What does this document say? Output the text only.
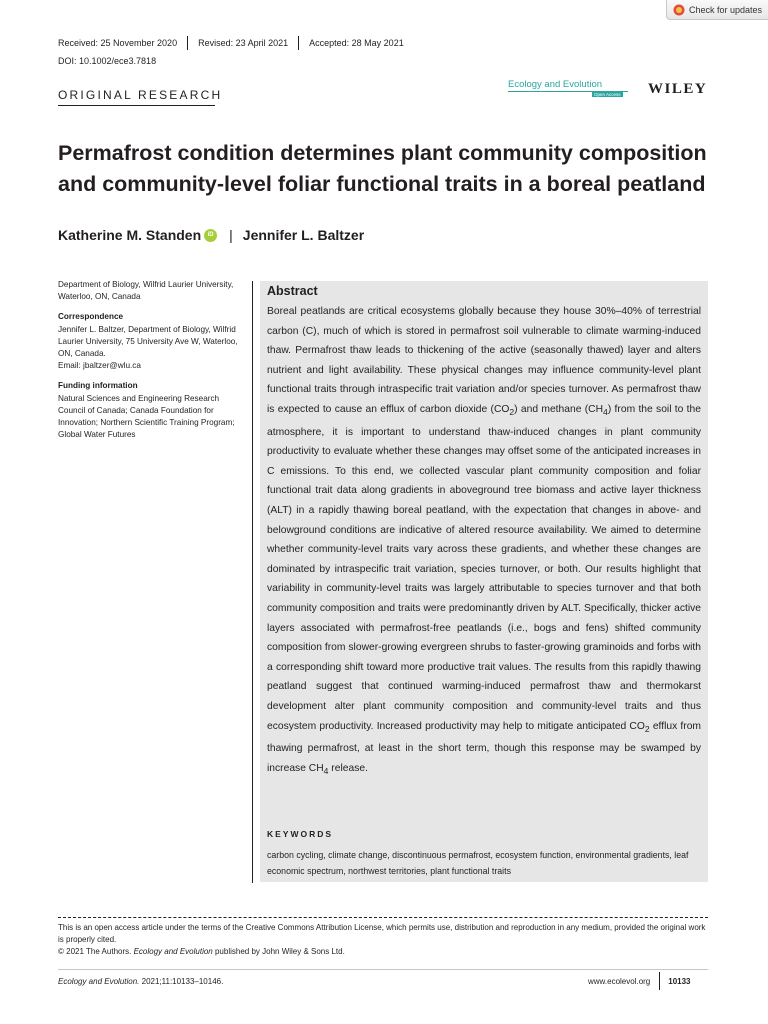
Check for updates
Received: 25 November 2020 Revised: 23 April 2021 Accepted: 28 May 2021
DOI: 10.1002/ece3.7818
ORIGINAL RESEARCH
Ecology and Evolution
Open Access WILEY
Permafrost condition determines plant community composition and community-level foliar functional traits in a boreal peatland
Katherine M. Standen	iD | Jennifer L. Baltzer
Department of Biology, Wilfrid Laurier University, Waterloo, ON, Canada
Correspondence
Jennifer L. Baltzer, Department of Biology, Wilfrid Laurier University, 75 University Ave W, Waterloo, ON, Canada.
Email: jbaltzer@wlu.ca
Funding information
Natural Sciences and Engineering Research Council of Canada; Canada Foundation for Innovation; Northern Scientific Training Program; Global Water Futures
Abstract

Boreal peatlands are critical ecosystems globally because they house 30%–40% of terrestrial carbon (C), much of which is stored in permafrost soil vulnerable to climate warming-induced thaw. Permafrost thaw leads to thickening of the active (seasonally thawed) layer and alters nutrient and light availability. These physical changes may influence community-level plant functional traits through intraspecific trait variation and/or species turnover. As permafrost thaw is expected to cause an efflux of carbon dioxide $(CO_2)$ and methane $(CH_4)$ from the soil to the atmosphere, it is important to understand thaw-induced changes in plant community productivity to evaluate whether these changes may offset some of the anticipated increases in C emissions. To this end, we collected vascular plant community composition and foliar functional trait data along gradients in aboveground tree biomass and active layer thickness (ALT) in a rapidly thawing boreal peatland, with the expectation that changes in above- and belowground conditions are indicative of altered resource availability. We aimed to determine whether community-level traits vary across these gradients, and whether these changes are dominated by intraspecific trait variation, species turnover, or both. Our results highlight that variability in community-level traits was largely attributable to species turnover and that both community composition and traits were predominantly driven by ALT. Specifically, thicker active layers associated with permafrost-free peatlands (i.e., bogs and fens) shifted community composition from slower-growing evergreen shrubs to faster-growing graminoids and forbs with a corresponding shift toward more productive trait values. The results from this rapidly thawing peatland suggest that continued warming-induced permafrost thaw and thermokarst development alter plant community composition and community-level traits and thus ecosystem productivity. Increased productivity may help to mitigate anticipated $CO_2$ efflux from thawing permafrost, at least in the short term, though this response may be swamped by increase $CH_4$ release.

KEYWORDS
carbon cycling, climate change, discontinuous permafrost, ecosystem function, environmental gradients, leaf economic spectrum, northwest territories, plant functional traits
This is an open access article under the terms of the Creative Commons Attribution License, which permits use, distribution and reproduction in any medium, provided the original work is properly cited.
© 2021 The Authors. Ecology and Evolution published by John Wiley & Sons Ltd.
Ecology and Evolution. 2021;11:10133–10146.	www.ecolevol.org 10133
